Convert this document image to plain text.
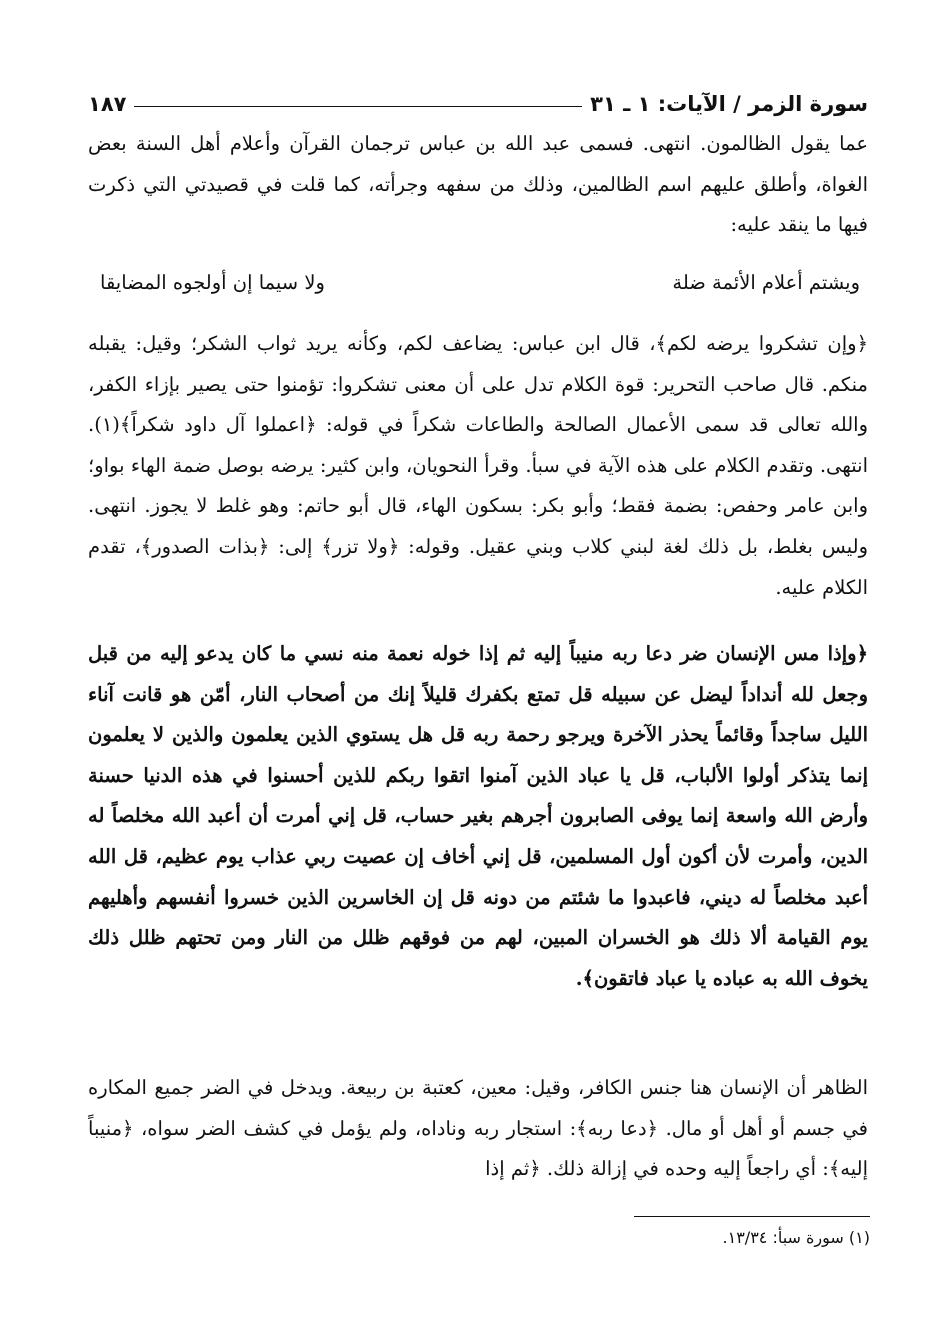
سورة الزمر / الآيات: ١ ـ ٣١
١٨٧

عما يقول الظالمون. انتهى. فسمى عبد الله بن عباس ترجمان القرآن وأعلام أهل السنة بعض الغواة، وأطلق عليهم اسم الظالمين، وذلك من سفهه وجرأته، كما قلت في قصيدتي التي ذكرت فيها ما ينقد عليه:

ويشتم أعلام الأئمة ضلة
ولا سيما إن أولجوه المضايقا

﴿وإن تشكروا يرضه لكم﴾، قال ابن عباس: يضاعف لكم، وكأنه يريد ثواب الشكر؛ وقيل: يقبله منكم. قال صاحب التحرير: قوة الكلام تدل على أن معنى تشكروا: تؤمنوا حتى يصير بإزاء الكفر، والله تعالى قد سمى الأعمال الصالحة والطاعات شكراً في قوله: ﴿اعملوا آل داود شكراً﴾(١). انتهى. وتقدم الكلام على هذه الآية في سبأ. وقرأ النحويان، وابن كثير: يرضه بوصل ضمة الهاء بواو؛ وابن عامر وحفص: بضمة فقط؛ وأبو بكر: بسكون الهاء، قال أبو حاتم: وهو غلط لا يجوز. انتهى. وليس بغلط، بل ذلك لغة لبني كلاب وبني عقيل. وقوله: ﴿ولا تزر﴾ إلى: ﴿بذات الصدور﴾، تقدم الكلام عليه.

﴿وإذا مس الإنسان ضر دعا ربه منيباً إليه ثم إذا خوله نعمة منه نسي ما كان يدعو إليه من قبل وجعل لله أنداداً ليضل عن سبيله قل تمتع بكفرك قليلاً إنك من أصحاب النار، أمّن هو قانت آناء الليل ساجداً وقائماً يحذر الآخرة ويرجو رحمة ربه قل هل يستوي الذين يعلمون والذين لا يعلمون إنما يتذكر أولوا الألباب، قل يا عباد الذين آمنوا اتقوا ربكم للذين أحسنوا في هذه الدنيا حسنة وأرض الله واسعة إنما يوفى الصابرون أجرهم بغير حساب، قل إني أمرت أن أعبد الله مخلصاً له الدين، وأمرت لأن أكون أول المسلمين، قل إني أخاف إن عصيت ربي عذاب يوم عظيم، قل الله أعبد مخلصاً له ديني، فاعبدوا ما شئتم من دونه قل إن الخاسرين الذين خسروا أنفسهم وأهليهم يوم القيامة ألا ذلك هو الخسران المبين، لهم من فوقهم ظلل من النار ومن تحتهم ظلل ذلك يخوف الله به عباده يا عباد فاتقون﴾.

الظاهر أن الإنسان هنا جنس الكافر، وقيل: معين، كعتبة بن ربيعة. ويدخل في الضر جميع المكاره في جسم أو أهل أو مال. ﴿دعا ربه﴾: استجار ربه وناداه، ولم يؤمل في كشف الضر سواه، ﴿منيباً إليه﴾: أي راجعاً إليه وحده في إزالة ذلك. ﴿ثم إذا

(١) سورة سبأ: ١٣/٣٤.
